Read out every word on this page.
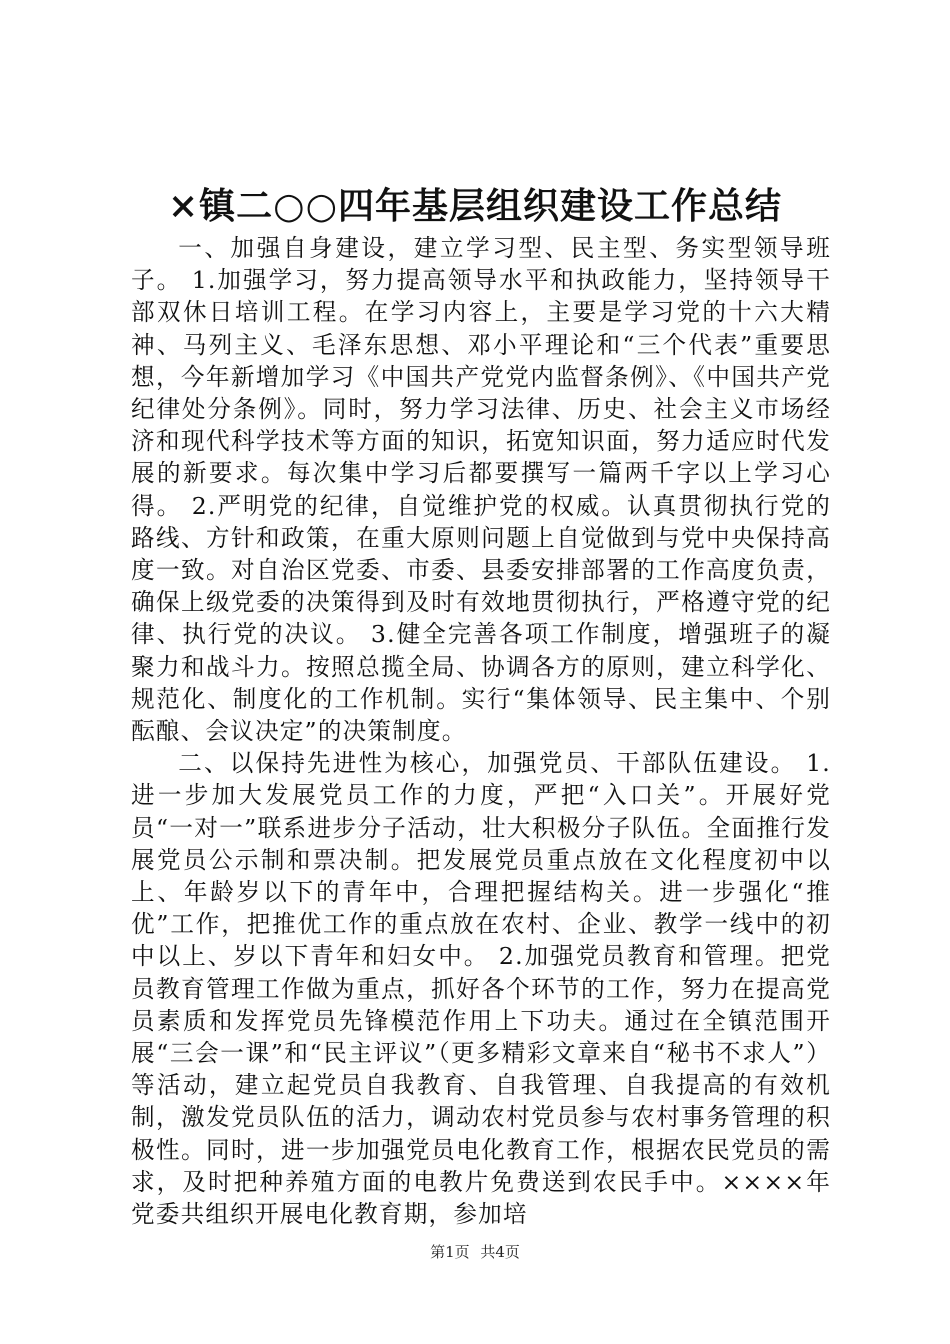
×镇二○○四年基层组织建设工作总结

一、加强自身建设，建立学习型、民主型、务实型领导班子。 1.加强学习，努力提高领导水平和执政能力，坚持领导干部双休日培训工程。在学习内容上，主要是学习党的十六大精神、马列主义、毛泽东思想、邓小平理论和“三个代表”重要思想，今年新增加学习《中国共产党党内监督条例》、《中国共产党纪律处分条例》。同时，努力学习法律、历史、社会主义市场经济和现代科学技术等方面的知识，拓宽知识面，努力适应时代发展的新要求。每次集中学习后都要撰写一篇两千字以上学习心得。 2.严明党的纪律，自觉维护党的权威。认真贯彻执行党的路线、方针和政策，在重大原则问题上自觉做到与党中央保持高度一致。对自治区党委、市委、县委安排部署的工作高度负责，确保上级党委的决策得到及时有效地贯彻执行，严格遵守党的纪律、执行党的决议。 3.健全完善各项工作制度，增强班子的凝聚力和战斗力。按照总揽全局、协调各方的原则，建立科学化、规范化、制度化的工作机制。实行“集体领导、民主集中、个别酝酿、会议决定”的决策制度。

二、以保持先进性为核心，加强党员、干部队伍建设。 1.进一步加大发展党员工作的力度，严把“入口关”。开展好党员“一对一”联系进步分子活动，壮大积极分子队伍。全面推行发展党员公示制和票决制。把发展党员重点放在文化程度初中以上、年龄岁以下的青年中，合理把握结构关。进一步强化“推优”工作，把推优工作的重点放在农村、企业、教学一线中的初中以上、岁以下青年和妇女中。 2.加强党员教育和管理。把党员教育管理工作做为重点，抓好各个环节的工作，努力在提高党员素质和发挥党员先锋模范作用上下功夫。通过在全镇范围开展“三会一课”和“民主评议”（更多精彩文章来自“秘书不求人”）等活动，建立起党员自我教育、自我管理、自我提高的有效机制，激发党员队伍的活力，调动农村党员参与农村事务管理的积极性。同时，进一步加强党员电化教育工作，根据农民党员的需求，及时把种养殖方面的电教片免费送到农民手中。××××年党委共组织开展电化教育期，参加培

第1页 共4页
